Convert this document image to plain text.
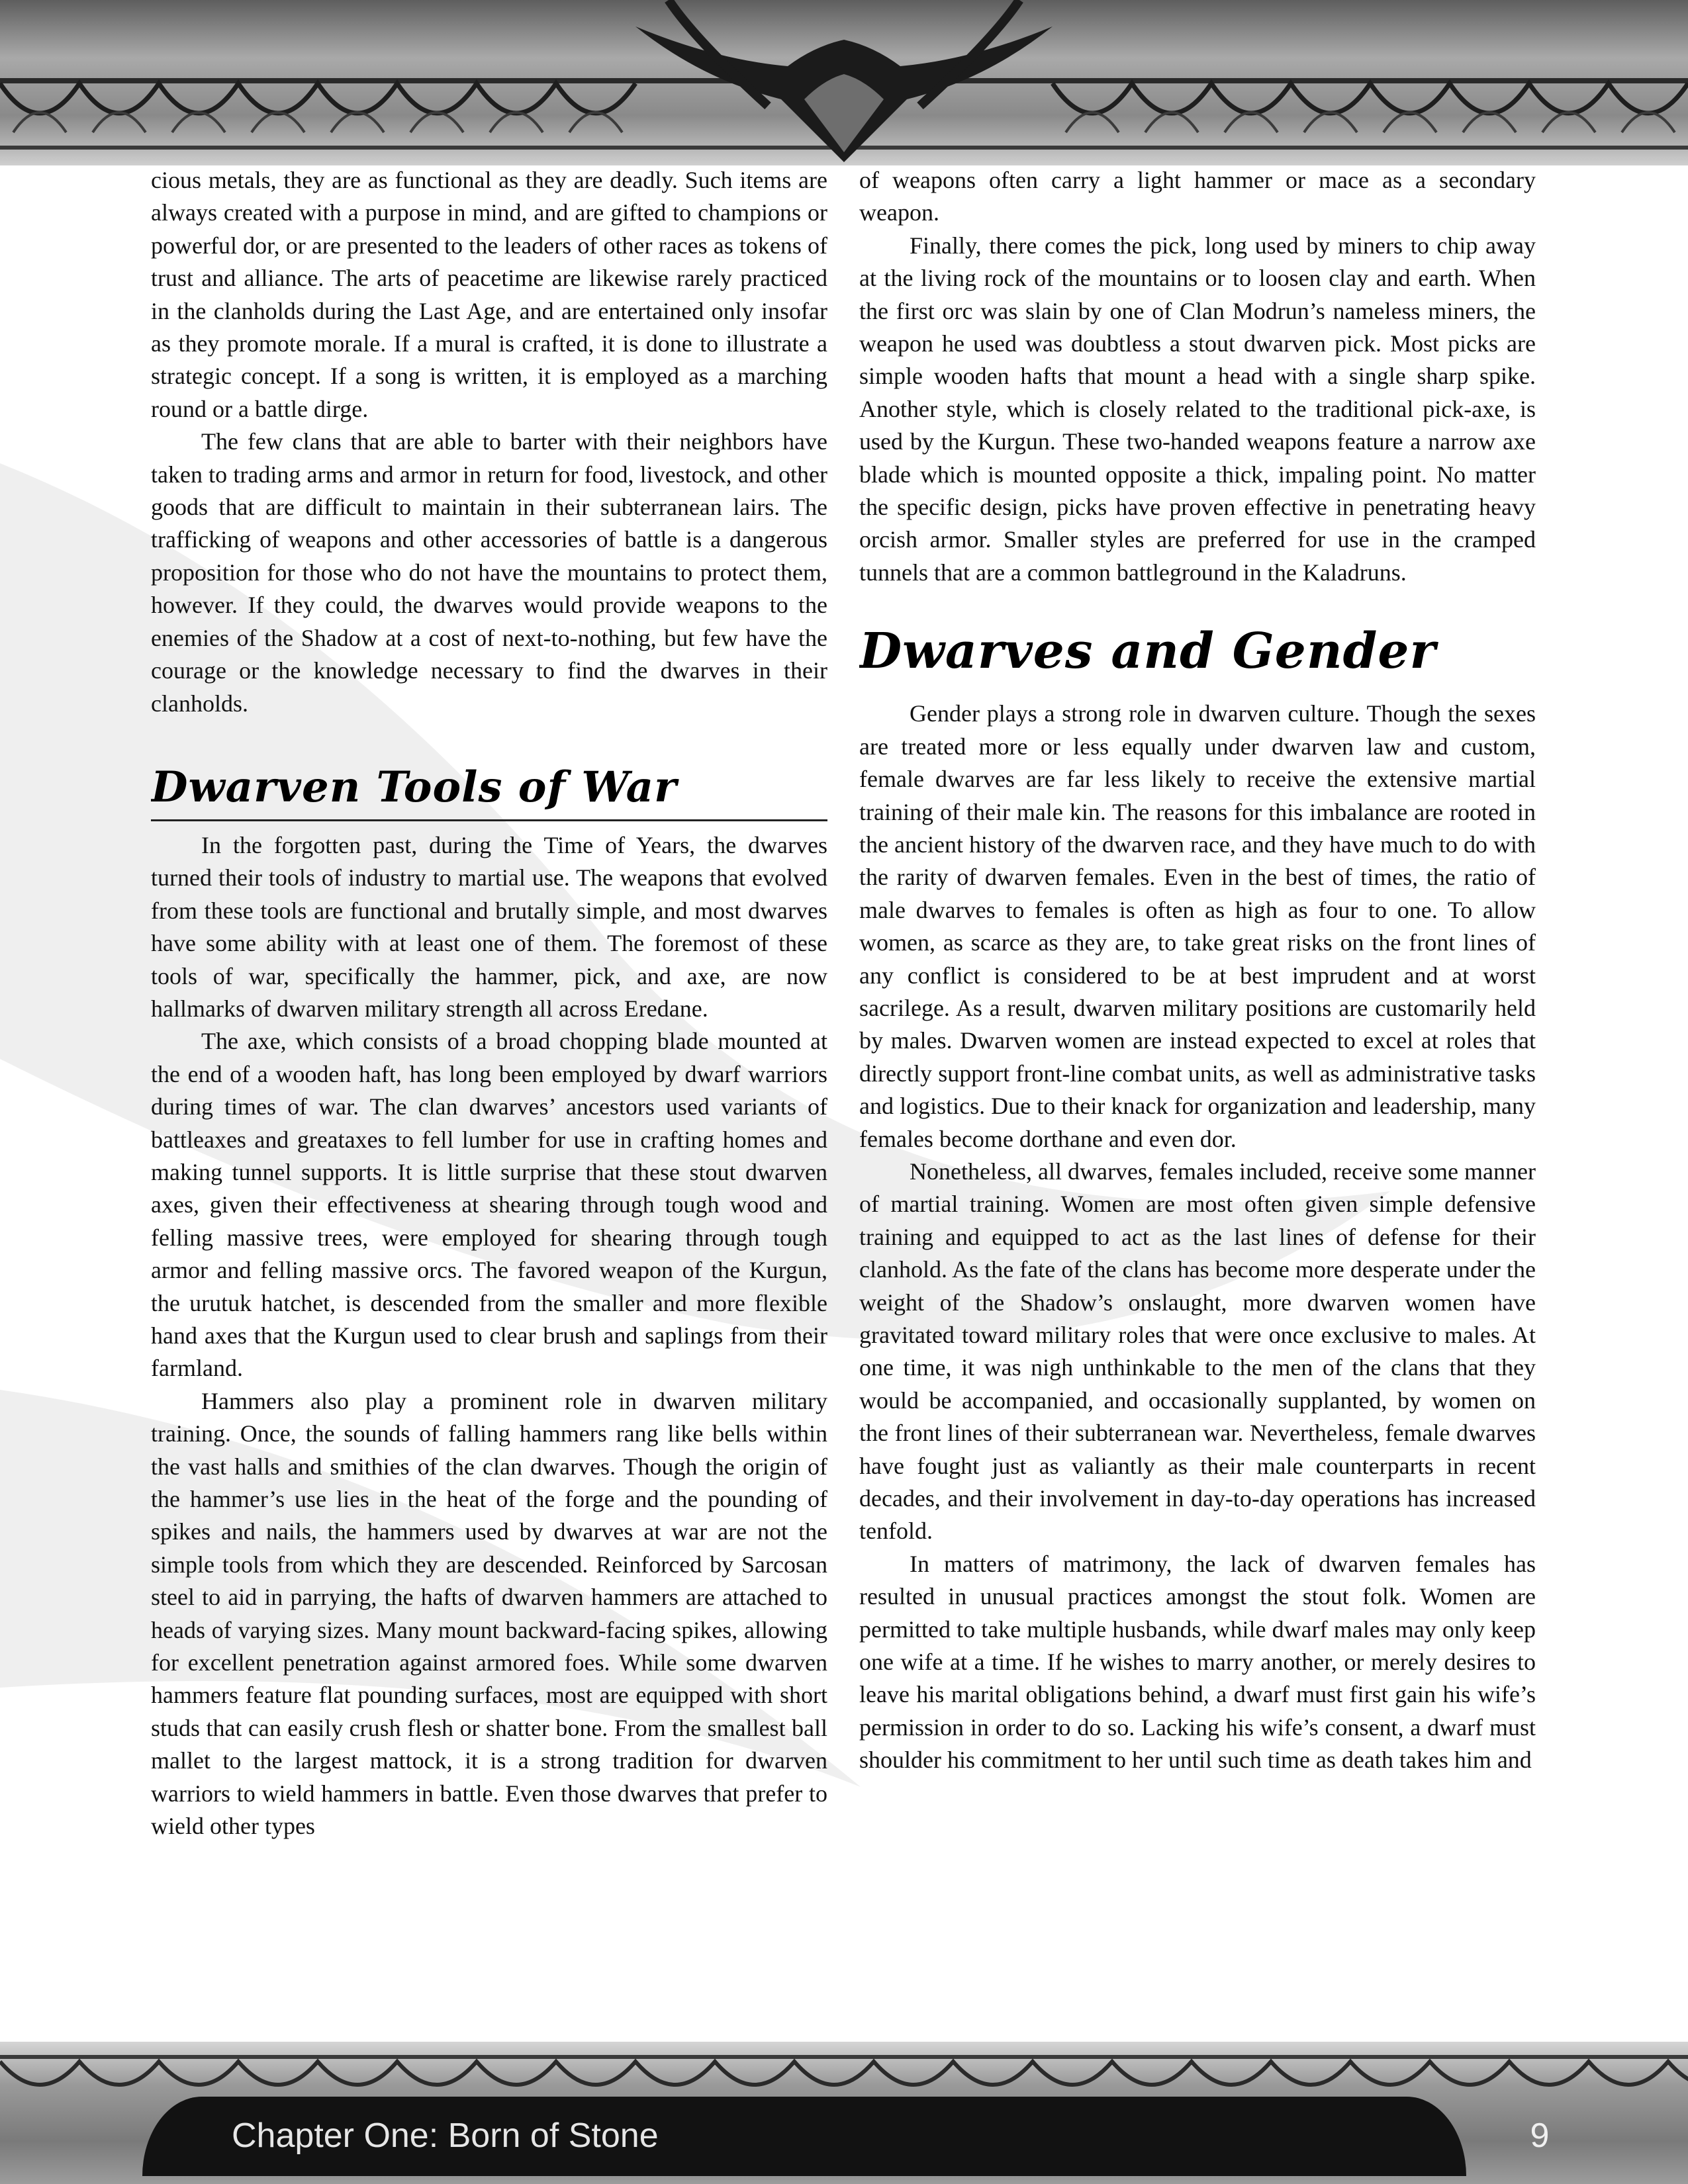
cious metals, they are as functional as they are deadly. Such items are always created with a purpose in mind, and are gifted to champions or powerful dor, or are presented to the leaders of other races as tokens of trust and alliance. The arts of peacetime are likewise rarely practiced in the clanholds during the Last Age, and are entertained only insofar as they promote morale. If a mural is crafted, it is done to illustrate a strategic concept. If a song is written, it is employed as a marching round or a battle dirge.

The few clans that are able to barter with their neighbors have taken to trading arms and armor in return for food, livestock, and other goods that are difficult to maintain in their subterranean lairs. The trafficking of weapons and other accessories of battle is a dangerous proposition for those who do not have the mountains to protect them, however. If they could, the dwarves would provide weapons to the enemies of the Shadow at a cost of next-to-nothing, but few have the courage or the knowledge necessary to find the dwarves in their clanholds.

Dwarven Tools of War

In the forgotten past, during the Time of Years, the dwarves turned their tools of industry to martial use. The weapons that evolved from these tools are functional and brutally simple, and most dwarves have some ability with at least one of them. The foremost of these tools of war, specifically the hammer, pick, and axe, are now hallmarks of dwarven military strength all across Eredane.

The axe, which consists of a broad chopping blade mounted at the end of a wooden haft, has long been employed by dwarf warriors during times of war. The clan dwarves’ ancestors used variants of battleaxes and greataxes to fell lumber for use in crafting homes and making tunnel supports. It is little surprise that these stout dwarven axes, given their effectiveness at shearing through tough wood and felling massive trees, were employed for shearing through tough armor and felling massive orcs. The favored weapon of the Kurgun, the urutuk hatchet, is descended from the smaller and more flexible hand axes that the Kurgun used to clear brush and saplings from their farmland.

Hammers also play a prominent role in dwarven military training. Once, the sounds of falling hammers rang like bells within the vast halls and smithies of the clan dwarves. Though the origin of the hammer’s use lies in the heat of the forge and the pounding of spikes and nails, the hammers used by dwarves at war are not the simple tools from which they are descended. Reinforced by Sarcosan steel to aid in parrying, the hafts of dwarven hammers are attached to heads of varying sizes. Many mount backward-facing spikes, allowing for excellent penetration against armored foes. While some dwarven hammers feature flat pounding surfaces, most are equipped with short studs that can easily crush flesh or shatter bone. From the smallest ball mallet to the largest mattock, it is a strong tradition for dwarven warriors to wield hammers in battle. Even those dwarves that prefer to wield other types

of weapons often carry a light hammer or mace as a secondary weapon.

Finally, there comes the pick, long used by miners to chip away at the living rock of the mountains or to loosen clay and earth. When the first orc was slain by one of Clan Modrun’s nameless miners, the weapon he used was doubtless a stout dwarven pick. Most picks are simple wooden hafts that mount a head with a single sharp spike. Another style, which is closely related to the traditional pick-axe, is used by the Kurgun. These two-handed weapons feature a narrow axe blade which is mounted opposite a thick, impaling point. No matter the specific design, picks have proven effective in penetrating heavy orcish armor. Smaller styles are preferred for use in the cramped tunnels that are a common battleground in the Kaladruns.

Dwarves and Gender

Gender plays a strong role in dwarven culture. Though the sexes are treated more or less equally under dwarven law and custom, female dwarves are far less likely to receive the extensive martial training of their male kin. The reasons for this imbalance are rooted in the ancient history of the dwarven race, and they have much to do with the rarity of dwarven females. Even in the best of times, the ratio of male dwarves to females is often as high as four to one. To allow women, as scarce as they are, to take great risks on the front lines of any conflict is considered to be at best imprudent and at worst sacrilege. As a result, dwarven military positions are customarily held by males. Dwarven women are instead expected to excel at roles that directly support front-line combat units, as well as administrative tasks and logistics. Due to their knack for organization and leadership, many females become dorthane and even dor.

Nonetheless, all dwarves, females included, receive some manner of martial training. Women are most often given simple defensive training and equipped to act as the last lines of defense for their clanhold. As the fate of the clans has become more desperate under the weight of the Shadow’s onslaught, more dwarven women have gravitated toward military roles that were once exclusive to males. At one time, it was nigh unthinkable to the men of the clans that they would be accompanied, and occasionally supplanted, by women on the front lines of their subterranean war. Nevertheless, female dwarves have fought just as valiantly as their male counterparts in recent decades, and their involvement in day-to-day operations has increased tenfold.

In matters of matrimony, the lack of dwarven females has resulted in unusual practices amongst the stout folk. Women are permitted to take multiple husbands, while dwarf males may only keep one wife at a time. If he wishes to marry another, or merely desires to leave his marital obligations behind, a dwarf must first gain his wife’s permission in order to do so. Lacking his wife’s consent, a dwarf must shoulder his commitment to her until such time as death takes him and

Chapter One: Born of Stone	9
